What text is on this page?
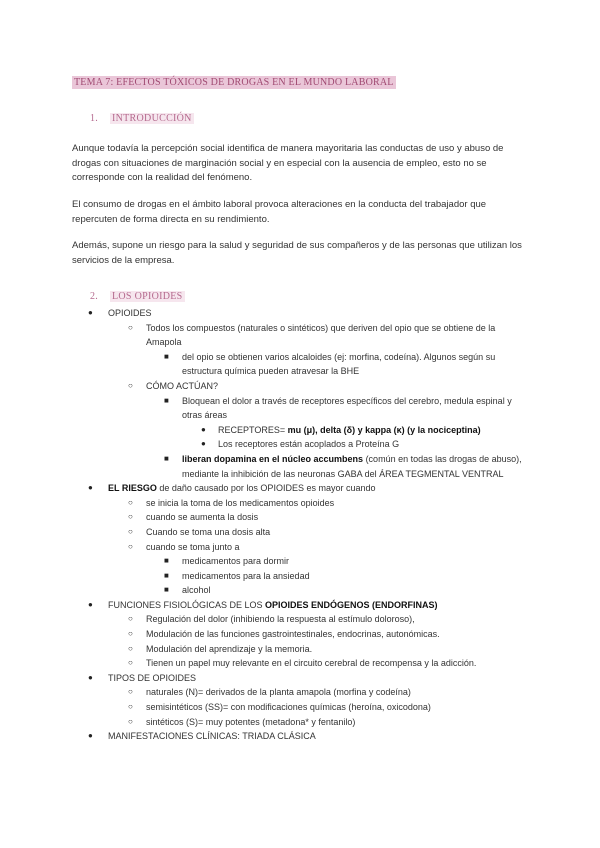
TEMA 7: EFECTOS TÓXICOS DE DROGAS EN EL MUNDO LABORAL
1. INTRODUCCIÓN
Aunque todavía la percepción social identifica de manera mayoritaria las conductas de uso y abuso de drogas con situaciones de marginación social y en especial con la ausencia de empleo, esto no se corresponde con la realidad del fenómeno.
El consumo de drogas en el ámbito laboral provoca alteraciones en la conducta del trabajador que repercuten de forma directa en su rendimiento.
Además, supone un riesgo para la salud y seguridad de sus compañeros y de las personas que utilizan los servicios de la empresa.
2. LOS OPIOIDES
● OPIOIDES
○ Todos los compuestos (naturales o sintéticos) que deriven del opio que se obtiene de la Amapola
■ del opio se obtienen varios alcaloides (ej: morfina, codeína). Algunos según su estructura química pueden atravesar la BHE
○ CÓMO ACTÚAN?
■ Bloquean el dolor a través de receptores específicos del cerebro, medula espinal y otras áreas
● RECEPTORES= mu (μ), delta (δ) y kappa (κ) (y la nociceptina)
● Los receptores están acoplados a Proteína G
■ liberan dopamina en el núcleo accumbens (común en todas las drogas de abuso), mediante la inhibición de las neuronas GABA del ÁREA TEGMENTAL VENTRAL
● EL RIESGO de daño causado por los OPIOIDES es mayor cuando
○ se inicia la toma de los medicamentos opioides
○ cuando se aumenta la dosis
○ Cuando se toma una dosis alta
○ cuando se toma junto a
■ medicamentos para dormir
■ medicamentos para la ansiedad
■ alcohol
● FUNCIONES FISIOLÓGICAS DE LOS OPIOIDES ENDÓGENOS (ENDORFINAS)
○ Regulación del dolor (inhibiendo la respuesta al estímulo doloroso),
○ Modulación de las funciones gastrointestinales, endocrinas, autonómicas.
○ Modulación del aprendizaje y la memoria.
○ Tienen un papel muy relevante en el circuito cerebral de recompensa y la adicción.
● TIPOS DE OPIOIDES
○ naturales (N)= derivados de la planta amapola (morfina y codeína)
○ semisintéticos (SS)= con modificaciones químicas (heroína, oxicodona)
○ sintéticos (S)= muy potentes (metadona* y fentanilo)
● MANIFESTACIONES CLÍNICAS: TRIADA CLÁSICA
